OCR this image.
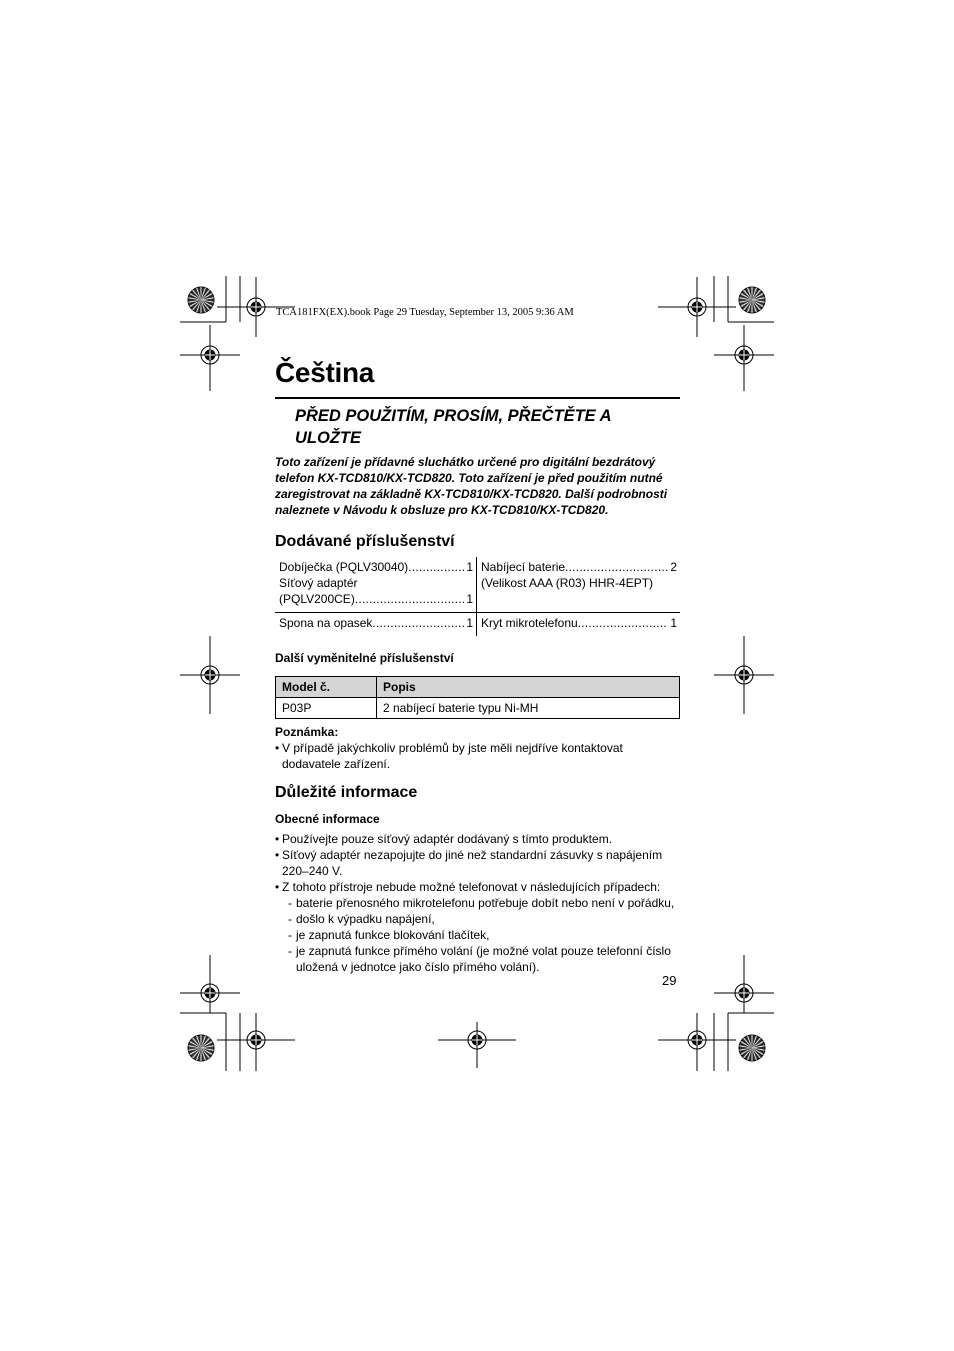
TCA181FX(EX).book Page 29 Tuesday, September 13, 2005 9:36 AM
Čeština
PŘED POUŽITÍM, PROSÍM, PŘEČTĚTE A ULOŽTE

Toto zařízení je přídavné sluchátko určené pro digitální bezdrátový telefon KX-TCD810/KX-TCD820. Toto zařízení je před použitím nutné zaregistrovat na základně KX-TCD810/KX-TCD820. Další podrobnosti naleznete v Návodu k obsluze pro KX-TCD810/KX-TCD820.

Dodávané příslušenství
Dobíječka (PQLV30040) . . .	1
Síťový adaptér
(PQLV200CE) . . .	1
Nabíjecí baterie . . .	2
(Velikost AAA (R03) HHR-4EPT)
Spona na opasek . . .	1 Kryt mikrotelefonu . . .	1
Další vyměnitelné příslušenství
Model č.	Popis
P03P	2 nabíjecí baterie typu Ni-MH
Poznámka:
• V případě jakýchkoliv problémů by jste měli nejdříve kontaktovat dodavatele zařízení.
Důležité informace
Obecné informace
• Používejte pouze síťový adaptér dodávaný s tímto produktem.
• Síťový adaptér nezapojujte do jiné než standardní zásuvky s napájením 220–240 V.
• Z tohoto přístroje nebude možné telefonovat v následujících případech:
- baterie přenosného mikrotelefonu potřebuje dobít nebo není v pořádku,
- došlo k výpadku napájení,
- je zapnutá funkce blokování tlačítek,
- je zapnutá funkce přímého volání (je možné volat pouze telefonní číslo uložená v jednotce jako číslo přímého volání).
29
